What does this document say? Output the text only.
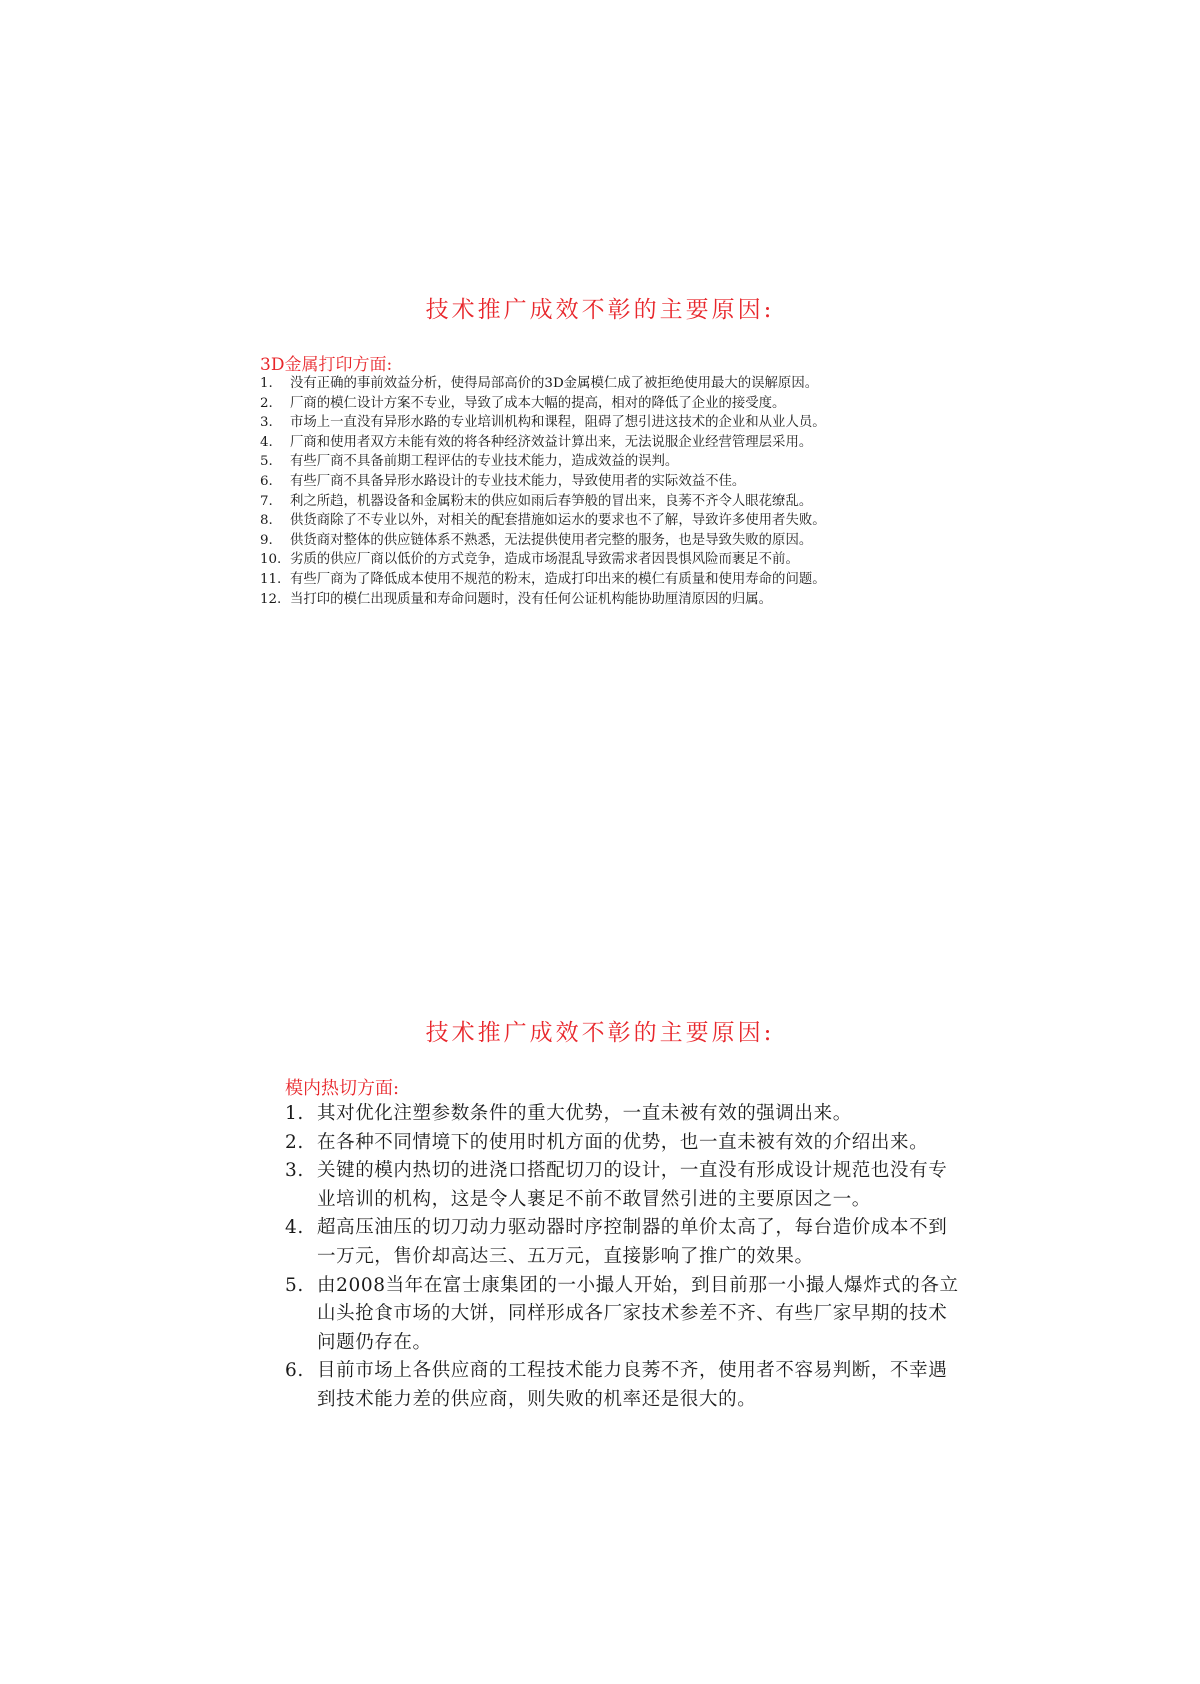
技术推广成效不彰的主要原因:
3D金属打印方面:
1. 没有正确的事前效益分析，使得局部高价的3D金属模仁成了被拒绝使用最大的误解原因。
2. 厂商的模仁设计方案不专业，导致了成本大幅的提高，相对的降低了企业的接受度。
3. 市场上一直没有异形水路的专业培训机构和课程，阻碍了想引进这技术的企业和从业人员。
4. 厂商和使用者双方未能有效的将各种经济效益计算出来，无法说服企业经营管理层采用。
5. 有些厂商不具备前期工程评估的专业技术能力，造成效益的误判。
6. 有些厂商不具备异形水路设计的专业技术能力，导致使用者的实际效益不佳。
7. 利之所趋，机器设备和金属粉末的供应如雨后春笋般的冒出来，良莠不齐令人眼花缭乱。
8. 供货商除了不专业以外，对相关的配套措施如运水的要求也不了解，导致许多使用者失败。
9. 供货商对整体的供应链体系不熟悉，无法提供使用者完整的服务，也是导致失败的原因。
10. 劣质的供应厂商以低价的方式竞争，造成市场混乱导致需求者因畏惧风险而裹足不前。
11. 有些厂商为了降低成本使用不规范的粉末，造成打印出来的模仁有质量和使用寿命的问题。
12. 当打印的模仁出现质量和寿命问题时，没有任何公证机构能协助厘清原因的归属。
技术推广成效不彰的主要原因:
模内热切方面:
1. 其对优化注塑参数条件的重大优势，一直未被有效的强调出来。
2. 在各种不同情境下的使用时机方面的优势，也一直未被有效的介绍出来。
3. 关键的模内热切的进浇口搭配切刀的设计，一直没有形成设计规范也没有专业培训的机构，这是令人裹足不前不敢冒然引进的主要原因之一。
4. 超高压油压的切刀动力驱动器时序控制器的单价太高了，每台造价成本不到一万元，售价却高达三、五万元，直接影响了推广的效果。
5. 由2008当年在富士康集团的一小撮人开始，到目前那一小撮人爆炸式的各立山头抢食市场的大饼，同样形成各厂家技术参差不齐、有些厂家早期的技术问题仍存在。
6. 目前市场上各供应商的工程技术能力良莠不齐，使用者不容易判断，不幸遇到技术能力差的供应商，则失败的机率还是很大的。
